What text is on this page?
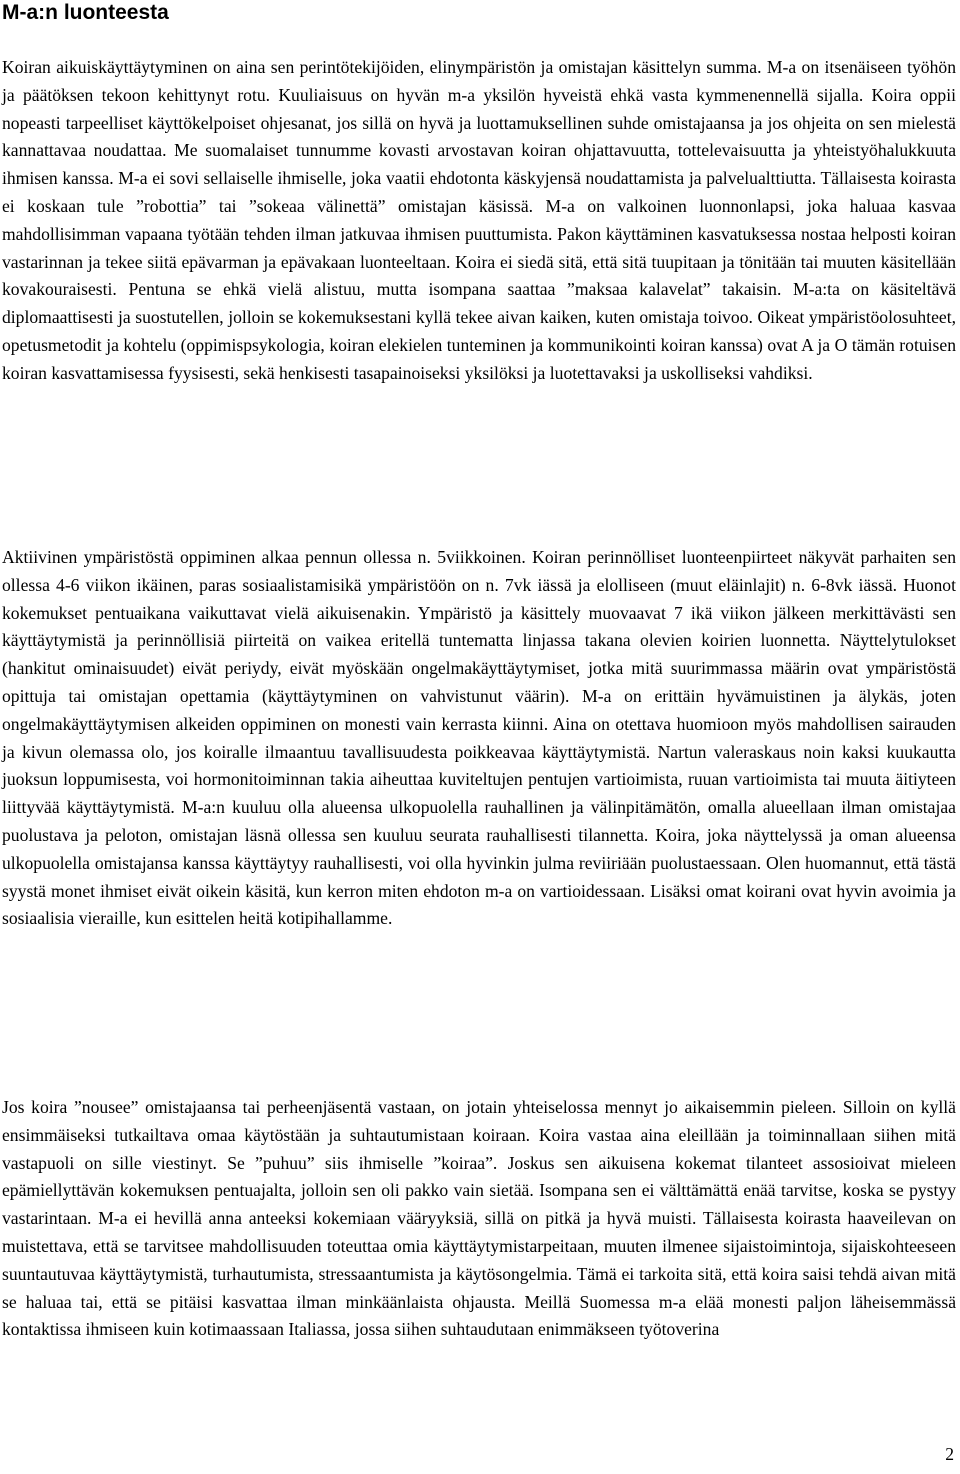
M-a:n luonteesta

Koiran aikuiskäyttäytyminen on aina sen perintötekijöiden, elinympäristön ja omistajan käsittelyn summa. M-a on itsenäiseen työhön ja päätöksen tekoon kehittynyt rotu. Kuuliaisuus on hyvän m-a yksilön hyveistä ehkä vasta kymmenennellä sijalla. Koira oppii nopeasti tarpeelliset käyttökelpoiset ohjesanat, jos sillä on hyvä ja luottamuksellinen suhde omistajaansa ja jos ohjeita on sen mielestä kannattavaa noudattaa. Me suomalaiset tunnumme kovasti arvostavan koiran ohjattavuutta, tottelevaisuutta ja yhteistyöhalukkuuta ihmisen kanssa. M-a ei sovi sellaiselle ihmiselle, joka vaatii ehdotonta käskyjensä noudattamista ja palvelualttiutta. Tällaisesta koirasta ei koskaan tule ”robottia” tai ”sokeaa välinettä” omistajan käsissä. M-a on valkoinen luonnonlapsi, joka haluaa kasvaa mahdollisimman vapaana työtään tehden ilman jatkuvaa ihmisen puuttumista. Pakon käyttäminen kasvatuksessa nostaa helposti koiran vastarinnan ja tekee siitä epävarman ja epävakaan luonteeltaan. Koira ei siedä sitä, että sitä tuupitaan ja tönitään tai muuten käsitellään kovakouraisesti. Pentuna se ehkä vielä alistuu, mutta isompana saattaa ”maksaa kalavelat” takaisin. M-a:ta on käsiteltävä diplomaattisesti ja suostutellen, jolloin se kokemuksestani kyllä tekee aivan kaiken, kuten omistaja toivoo. Oikeat ympäristöolosuhteet, opetusmetodit ja kohtelu (oppimispsykologia, koiran elekielen tunteminen ja kommunikointi koiran kanssa) ovat A ja O tämän rotuisen koiran kasvattamisessa fyysisesti, sekä henkisesti tasapainoiseksi yksilöksi ja luotettavaksi ja uskolliseksi vahdiksi.

Aktiivinen ympäristöstä oppiminen alkaa pennun ollessa n. 5viikkoinen. Koiran perinnölliset luonteenpiirteet näkyvät parhaiten sen ollessa 4-6 viikon ikäinen, paras sosiaalistamisikä ympäristöön on n. 7vk iässä ja elolliseen (muut eläinlajit) n. 6-8vk iässä. Huonot kokemukset pentuaikana vaikuttavat vielä aikuisenakin. Ympäristö ja käsittely muovaavat 7 ikä viikon jälkeen merkittävästi sen käyttäytymistä ja perinnöllisiä piirteitä on vaikea eritellä tuntematta linjassa takana olevien koirien luonnetta. Näyttelytulokset (hankitut ominaisuudet) eivät periydy, eivät myöskään ongelmakäyttäytymiset, jotka mitä suurimmassa määrin ovat ympäristöstä opittuja tai omistajan opettamia (käyttäytyminen on vahvistunut väärin). M-a on erittäin hyvämuistinen ja älykäs, joten ongelmakäyttäytymisen alkeiden oppiminen on monesti vain kerrasta kiinni. Aina on otettava huomioon myös mahdollisen sairauden ja kivun olemassa olo, jos koiralle ilmaantuu tavallisuudesta poikkeavaa käyttäytymistä. Nartun valeraskaus noin kaksi kuukautta juoksun loppumisesta, voi hormonitoiminnan takia aiheuttaa kuviteltujen pentujen vartioimista, ruuan vartioimista tai muuta äitiyteen liittyvää käyttäytymistä. M-a:n kuuluu olla alueensa ulkopuolella rauhallinen ja välinpitämätön, omalla alueellaan ilman omistajaa puolustava ja peloton, omistajan läsnä ollessa sen kuuluu seurata rauhallisesti tilannetta. Koira, joka näyttelyssä ja oman alueensa ulkopuolella omistajansa kanssa käyttäytyy rauhallisesti, voi olla hyvinkin julma reviiriään puolustaessaan. Olen huomannut, että tästä syystä monet ihmiset eivät oikein käsitä, kun kerron miten ehdoton m-a on vartioidessaan. Lisäksi omat koirani ovat hyvin avoimia ja sosiaalisia vieraille, kun esittelen heitä kotipihallamme.

Jos koira ”nousee” omistajaansa tai perheenjäsentä vastaan, on jotain yhteiselossa mennyt jo aikaisemmin pieleen. Silloin on kyllä ensimmäiseksi tutkailtava omaa käytöstään ja suhtautumistaan koiraan. Koira vastaa aina eleillään ja toiminnallaan siihen mitä vastapuoli on sille viestinyt. Se ”puhuu” siis ihmiselle ”koiraa”. Joskus sen aikuisena kokemat tilanteet assosioivat mieleen epämiellyttävän kokemuksen pentuajalta, jolloin sen oli pakko vain sietää. Isompana sen ei välttämättä enää tarvitse, koska se pystyy vastarintaan. M-a ei hevillä anna anteeksi kokemiaan vääryyksiä, sillä on pitkä ja hyvä muisti. Tällaisesta koirasta haaveilevan on muistettava, että se tarvitsee mahdollisuuden toteuttaa omia käyttäytymistarpeitaan, muuten ilmenee sijaistoimintoja, sijaiskohteeseen suuntautuvaa käyttäytymistä, turhautumista, stressaantumista ja käytösongelmia. Tämä ei tarkoita sitä, että koira saisi tehdä aivan mitä se haluaa tai, että se pitäisi kasvattaa ilman minkäänlaista ohjausta. Meillä Suomessa m-a elää monesti paljon läheisemmässä kontaktissa ihmiseen kuin kotimaassaan Italiassa, jossa siihen suhtaudutaan enimmäkseen työtoverina

2
